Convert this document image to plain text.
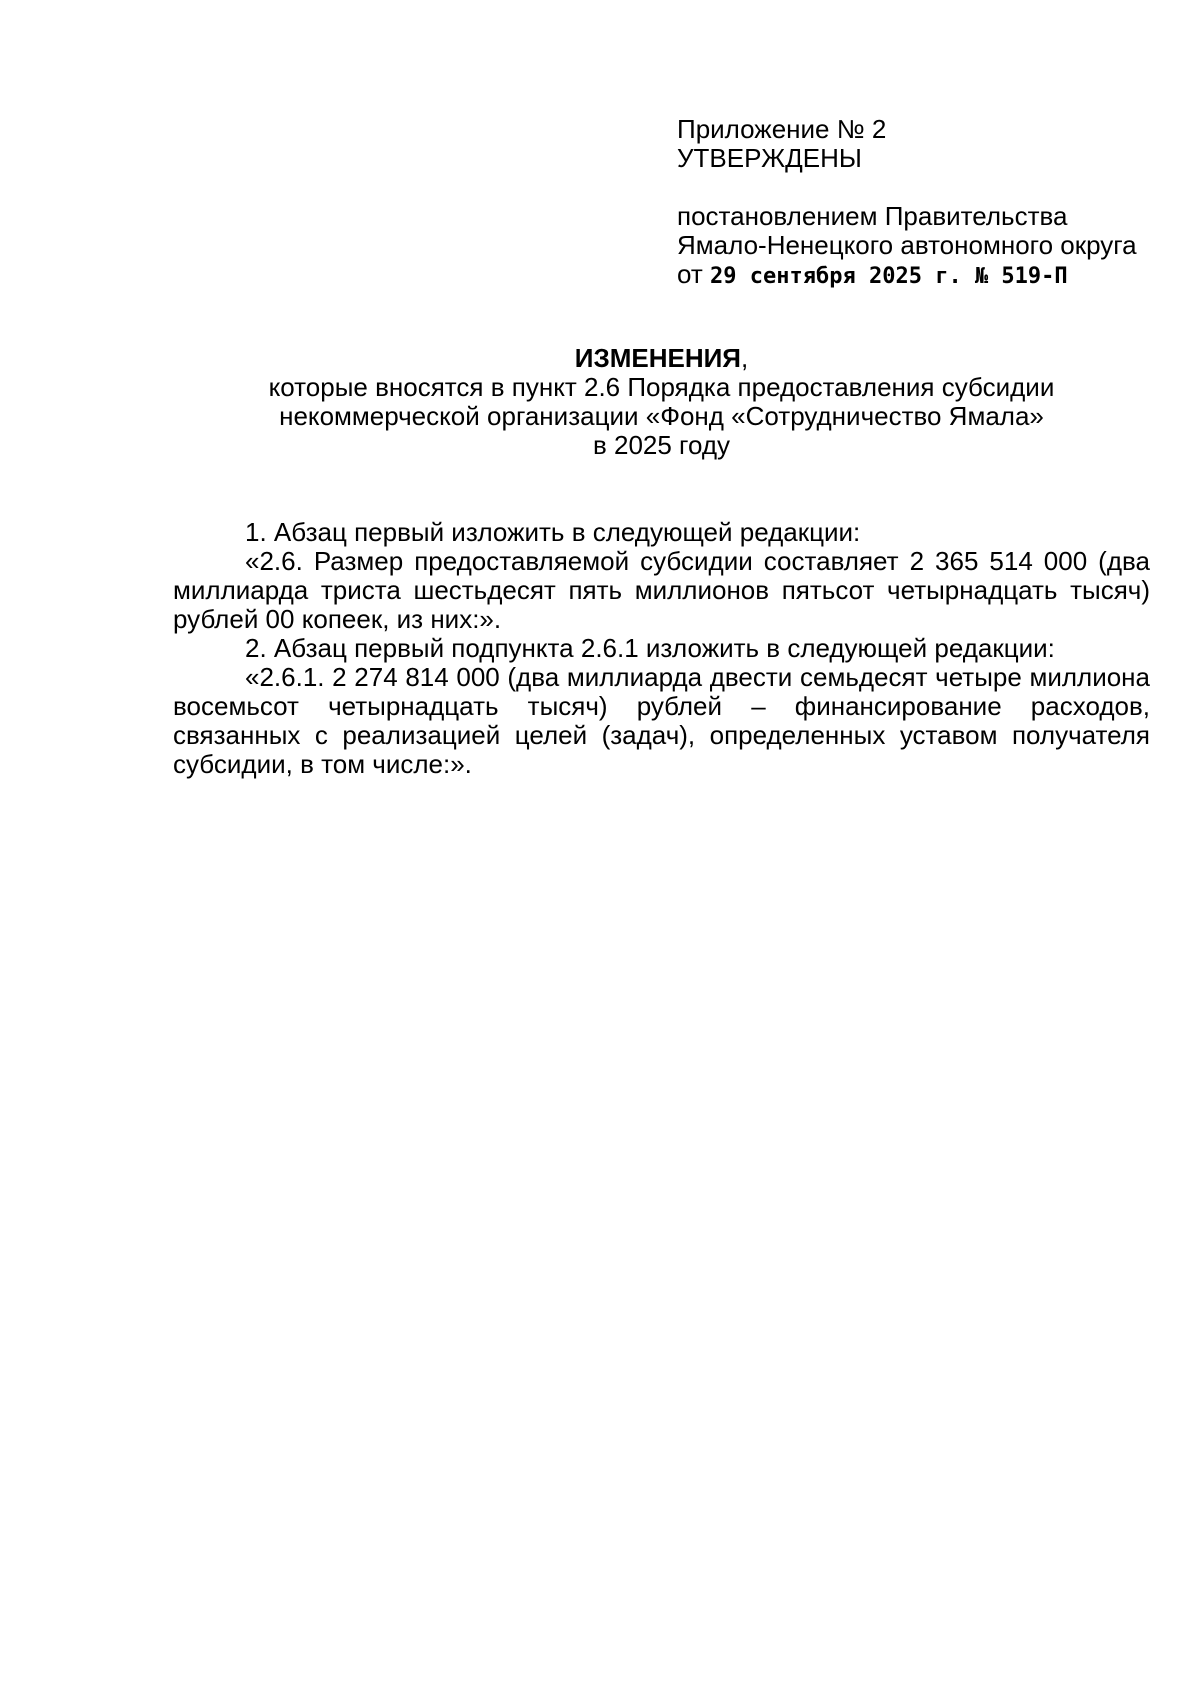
Приложение № 2
УТВЕРЖДЕНЫ
постановлением Правительства
Ямало-Ненецкого автономного округа
от 29 сентября 2025 г. № 519-П
ИЗМЕНЕНИЯ,
которые вносятся в пункт 2.6 Порядка предоставления субсидии
некоммерческой организации «Фонд «Сотрудничество Ямала»
в 2025 году

1. Абзац первый изложить в следующей редакции:

«2.6. Размер предоставляемой субсидии составляет 2 365 514 000 (два миллиарда триста шестьдесят пять миллионов пятьсот четырнадцать тысяч) рублей 00 копеек, из них:».

2. Абзац первый подпункта 2.6.1 изложить в следующей редакции:

«2.6.1. 2 274 814 000 (два миллиарда двести семьдесят четыре миллиона восемьсот четырнадцать тысяч) рублей – финансирование расходов, связанных с реализацией целей (задач), определенных уставом получателя субсидии, в том числе:».
